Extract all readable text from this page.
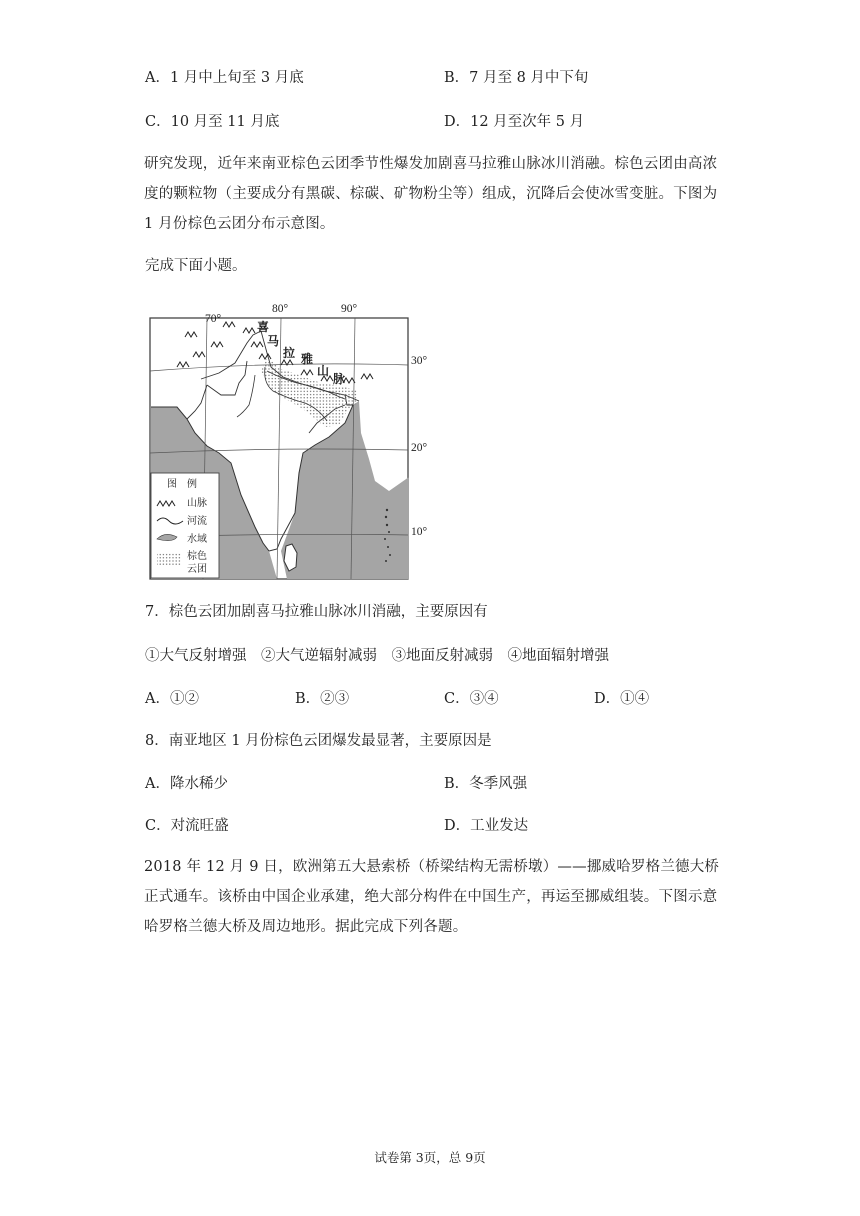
A．1 月中上旬至 3 月底	B．7 月至 8 月中下旬
C．10 月至 11 月底	D．12 月至次年 5 月
研究发现，近年来南亚棕色云团季节性爆发加剧喜马拉雅山脉冰川消融。棕色云团由高浓度的颗粒物（主要成分有黑碳、棕碳、矿物粉尘等）组成，沉降后会使冰雪变脏。下图为 1 月份棕色云团分布示意图。
完成下面小题。
喜
马
拉 雅
山
脉
70°
80°	90°
30°
20°
10°
图　例
山脉
河流
水域
棕色
云团
7．棕色云团加剧喜马拉雅山脉冰川消融，主要原因有
①大气反射增强　②大气逆辐射减弱　③地面反射减弱　④地面辐射增强
A．①②	B．②③	C．③④	D．①④
8．南亚地区 1 月份棕色云团爆发最显著，主要原因是
A．降水稀少	B．冬季风强
C．对流旺盛	D．工业发达
2018 年 12 月 9 日，欧洲第五大悬索桥（桥梁结构无需桥墩）——挪威哈罗格兰德大桥正式通车。该桥由中国企业承建，绝大部分构件在中国生产，再运至挪威组装。下图示意哈罗格兰德大桥及周边地形。据此完成下列各题。
试卷第 3页，总 9页
